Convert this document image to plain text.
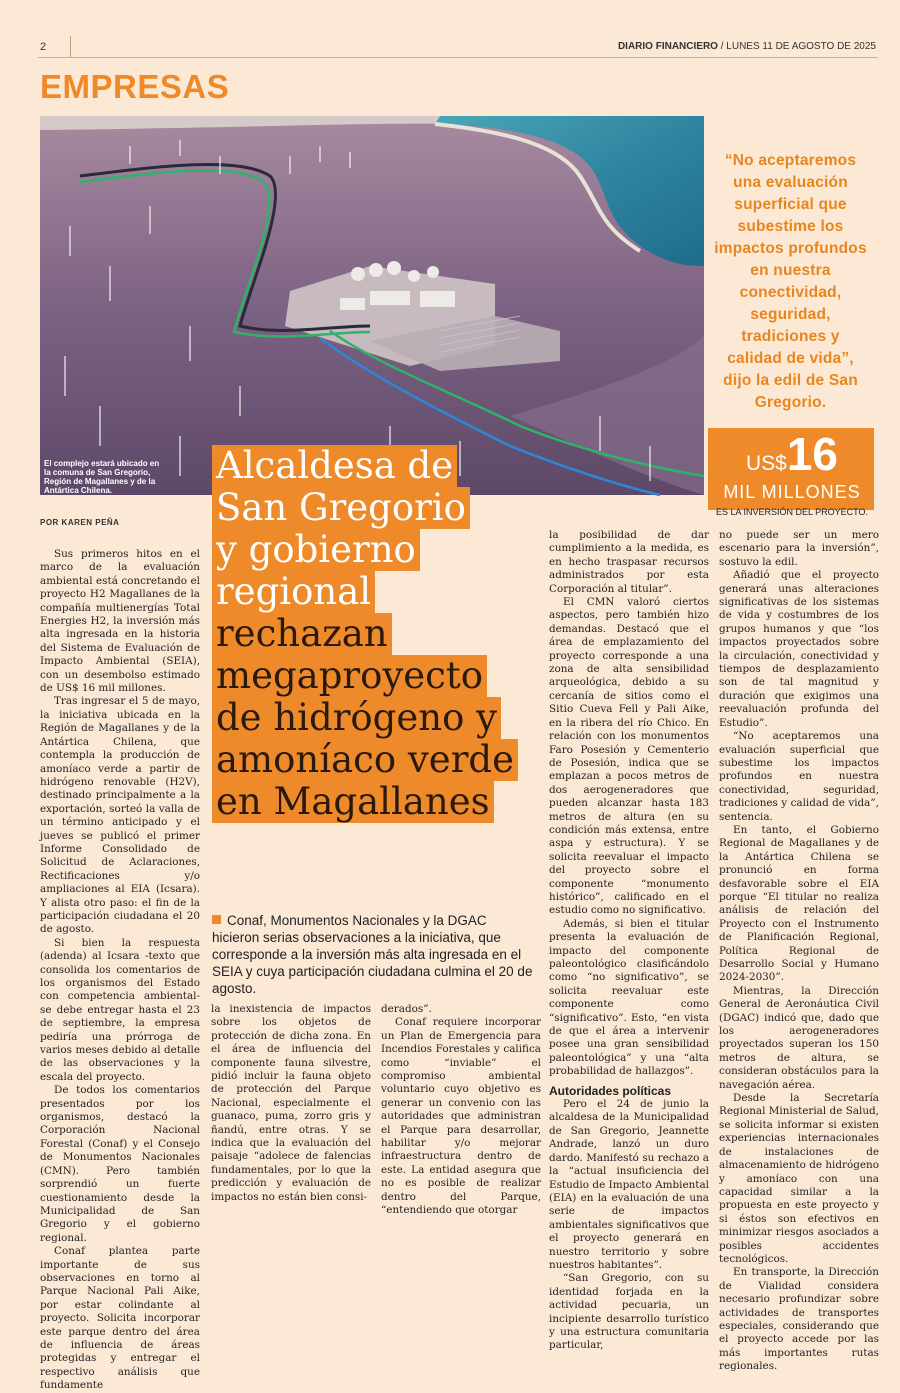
2	DIARIO FINANCIERO / LUNES 11 DE AGOSTO DE 2025
EMPRESAS
El complejo estará ubicado en la comuna de San Gregorio, Región de Magallanes y de la Antártica Chilena.
“No aceptaremos una evaluación superficial que subestime los impactos profundos en nuestra conectividad, seguridad, tradiciones y calidad de vida”, dijo la edil de San Gregorio.
US$16
MIL MILLONES
ES LA INVERSIÓN DEL PROYECTO.
Alcaldesa de
San Gregorio
y gobierno
regional
rechazan
megaproyecto
de hidrógeno y
amoníaco verde
en Magallanes
POR KAREN PEÑA
Conaf, Monumentos Nacionales y la DGAC hicieron serias observaciones a la iniciativa, que corresponde a la inversión más alta ingresada en el SEIA y cuya participación ciudadana culmina el 20 de agosto.

Sus primeros hitos en el marco de la evaluación ambiental está concretando el proyecto H2 Magallanes de la compañía multienergías Total Energies H2, la inversión más alta ingresada en la historia del Sistema de Evaluación de Impacto Ambiental (SEIA), con un desembolso estimado de US$ 16 mil millones.

Tras ingresar el 5 de mayo, la iniciativa ubicada en la Región de Magallanes y de la Antártica Chilena, que contempla la producción de amoníaco verde a partir de hidrógeno renovable (H2V), destinado principalmente a la exportación, sorteó la valla de un término anticipado y el jueves se publicó el primer Informe Consolidado de Solicitud de Aclaraciones, Rectificaciones y/o ampliaciones al EIA (Icsara). Y alista otro paso: el fin de la participación ciudadana el 20 de agosto.

Si bien la respuesta (adenda) al Icsara -texto que consolida los comentarios de los organismos del Estado con competencia ambiental- se debe entregar hasta el 23 de septiembre, la empresa pediría una prórroga de varios meses debido al detalle de las observaciones y la escala del proyecto.

De todos los comentarios presentados por los organismos, destacó la Corporación Nacional Forestal (Conaf) y el Consejo de Monumentos Nacionales (CMN). Pero también sorprendió un fuerte cuestionamiento desde la Municipalidad de San Gregorio y el gobierno regional.

Conaf plantea parte importante de sus observaciones en torno al Parque Nacional Pali Aike, por estar colindante al proyecto. Solicita incorporar este parque dentro del área de influencia de áreas protegidas y entregar el respectivo análisis que fundamente

la inexistencia de impactos sobre los objetos de protección de dicha zona. En el área de influencia del componente fauna silvestre, pidió incluir la fauna objeto de protección del Parque Nacional, especialmente el guanaco, puma, zorro gris y ñandú, entre otras. Y se indica que la evaluación del paisaje “adolece de falencias fundamentales, por lo que la predicción y evaluación de impactos no están bien consi-

derados”.

Conaf requiere incorporar un Plan de Emergencia para Incendios Forestales y califica como “inviable” el compromiso ambiental voluntario cuyo objetivo es generar un convenio con las autoridades que administran el Parque para desarrollar, habilitar y/o mejorar infraestructura dentro de este. La entidad asegura que no es posible de realizar dentro del Parque, “entendiendo que otorgar

la posibilidad de dar cumplimiento a la medida, es en hecho traspasar recursos administrados por esta Corporación al titular”.

El CMN valoró ciertos aspectos, pero también hizo demandas. Destacó que el área de emplazamiento del proyecto corresponde a una zona de alta sensibilidad arqueológica, debido a su cercanía de sitios como el Sitio Cueva Fell y Pali Aike, en la ribera del río Chico. En relación con los monumentos Faro Posesión y Cementerio de Posesión, indica que se emplazan a pocos metros de dos aerogeneradores que pueden alcanzar hasta 183 metros de altura (en su condición más extensa, entre aspa y estructura). Y se solicita reevaluar el impacto del proyecto sobre el componente “monumento histórico”, calificado en el estudio como no significativo.

Además, si bien el titular presenta la evaluación de impacto del componente paleontológico clasificándolo como “no significativo”, se solicita reevaluar este componente como “significativo”. Esto, “en vista de que el área a intervenir posee una gran sensibilidad paleontológica” y una “alta probabilidad de hallazgos”.

Autoridades políticas

Pero el 24 de junio la alcaldesa de la Municipalidad de San Gregorio, Jeannette Andrade, lanzó un duro dardo. Manifestó su rechazo a la “actual insuficiencia del Estudio de Impacto Ambiental (EIA) en la evaluación de una serie de impactos ambientales significativos que el proyecto generará en nuestro territorio y sobre nuestros habitantes”.

“San Gregorio, con su identidad forjada en la actividad pecuaria, un incipiente desarrollo turístico y una estructura comunitaria particular,

no puede ser un mero escenario para la inversión”, sostuvo la edil.

Añadió que el proyecto generará unas alteraciones significativas de los sistemas de vida y costumbres de los grupos humanos y que “los impactos proyectados sobre la circulación, conectividad y tiempos de desplazamiento son de tal magnitud y duración que exigimos una reevaluación profunda del Estudio”.

“No aceptaremos una evaluación superficial que subestime los impactos profundos en nuestra conectividad, seguridad, tradiciones y calidad de vida”, sentencia.

En tanto, el Gobierno Regional de Magallanes y de la Antártica Chilena se pronunció en forma desfavorable sobre el EIA porque “El titular no realiza análisis de relación del Proyecto con el Instrumento de Planificación Regional, Política Regional de Desarrollo Social y Humano 2024-2030”.

Mientras, la Dirección General de Aeronáutica Civil (DGAC) indicó que, dado que los aerogeneradores proyectados superan los 150 metros de altura, se consideran obstáculos para la navegación aérea.

Desde la Secretaría Regional Ministerial de Salud, se solicita informar si existen experiencias internacionales de instalaciones de almacenamiento de hidrógeno y amoníaco con una capacidad similar a la propuesta en este proyecto y si éstos son efectivos en minimizar riesgos asociados a posibles accidentes tecnológicos.

En transporte, la Dirección de Vialidad considera necesario profundizar sobre actividades de transportes especiales, considerando que el proyecto accede por las más importantes rutas regionales.
